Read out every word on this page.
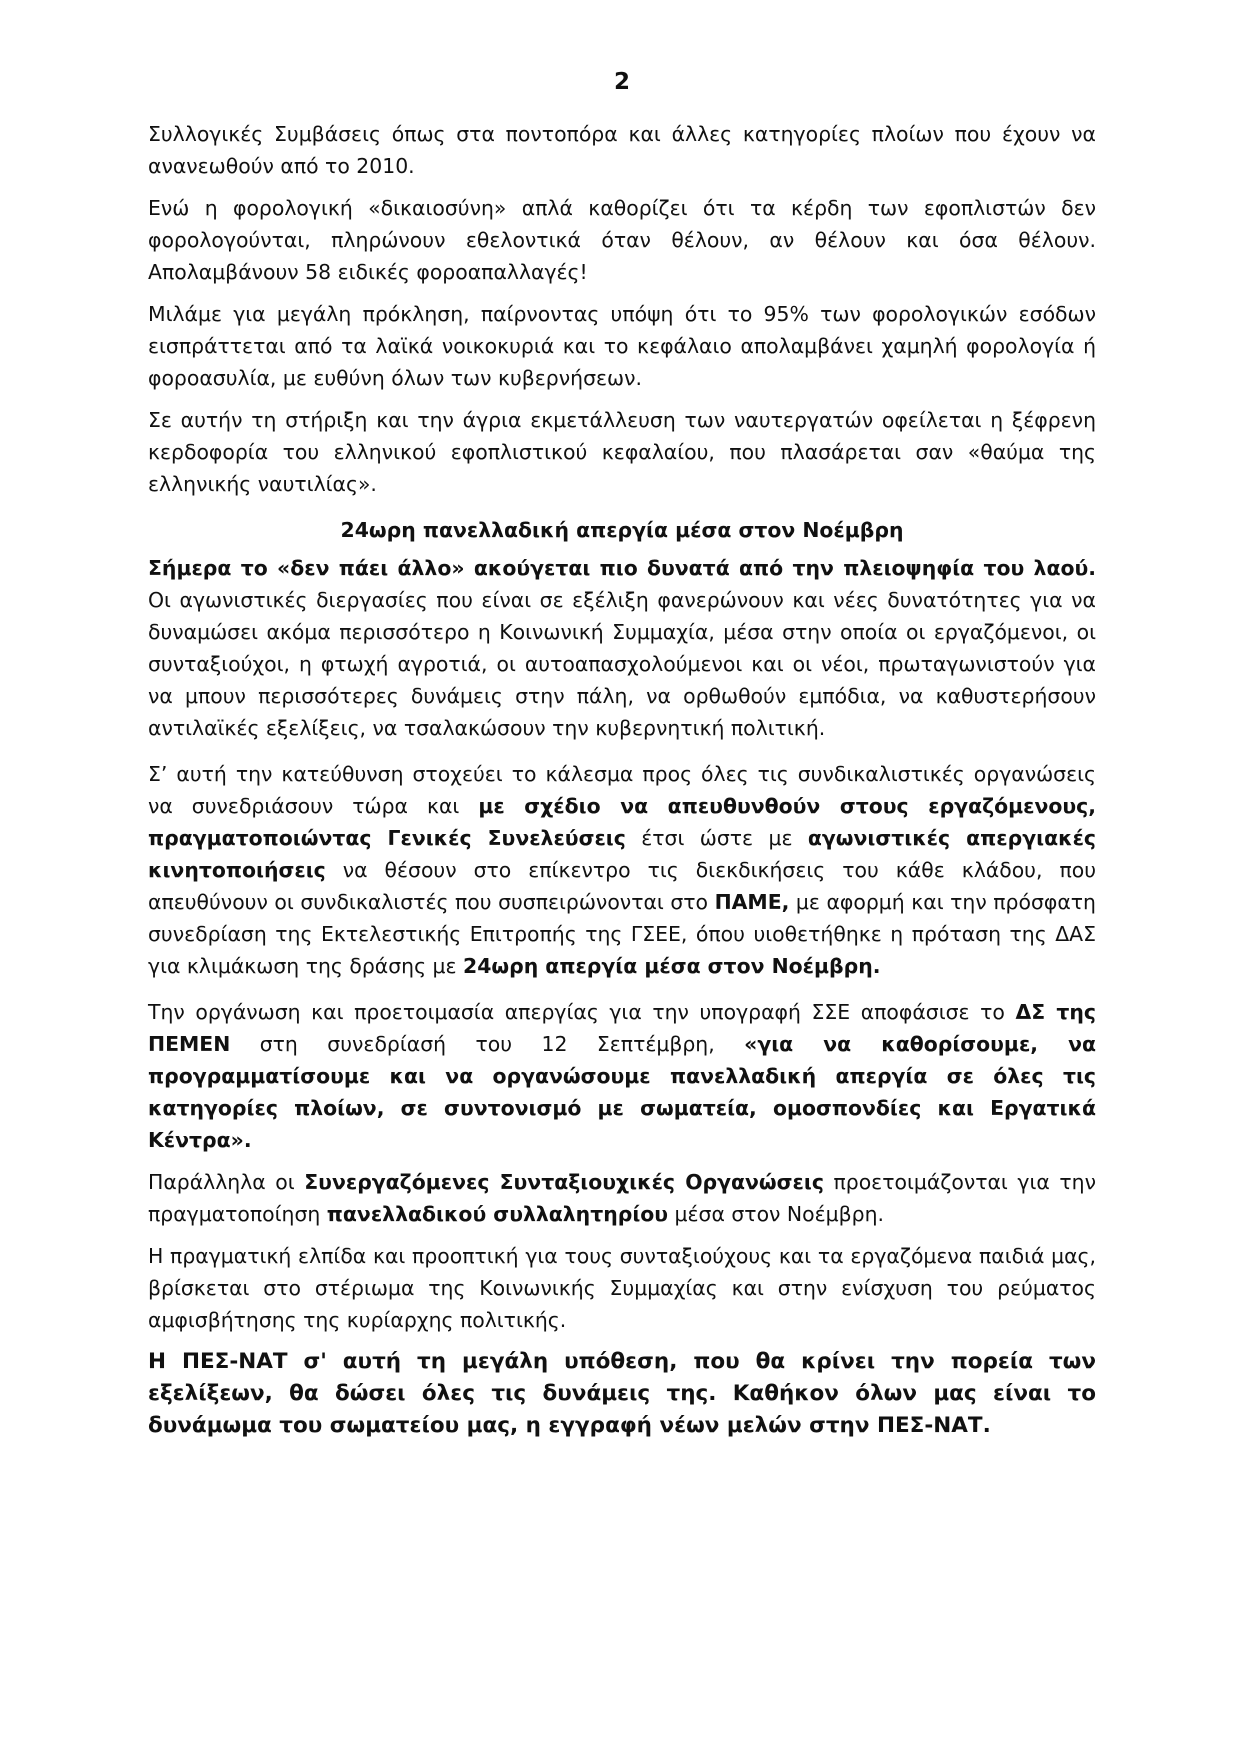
2

Συλλογικές Συμβάσεις όπως στα ποντοπόρα και άλλες κατηγορίες πλοίων που έχουν να ανανεωθούν από το 2010.

Ενώ η φορολογική «δικαιοσύνη» απλά καθορίζει ότι τα κέρδη των εφοπλιστών δεν φορολογούνται, πληρώνουν εθελοντικά όταν θέλουν, αν θέλουν και όσα θέλουν. Απολαμβάνουν 58 ειδικές φοροαπαλλαγές!

Μιλάμε για μεγάλη πρόκληση, παίρνοντας υπόψη ότι το 95% των φορολογικών εσόδων εισπράττεται από τα λαϊκά νοικοκυριά και το κεφάλαιο απολαμβάνει χαμηλή φορολογία ή φοροασυλία, με ευθύνη όλων των κυβερνήσεων.

Σε αυτήν τη στήριξη και την άγρια εκμετάλλευση των ναυτεργατών οφείλεται η ξέφρενη κερδοφορία του ελληνικού εφοπλιστικού κεφαλαίου, που πλασάρεται σαν «θαύμα της ελληνικής ναυτιλίας».

24ωρη πανελλαδική απεργία μέσα στον Νοέμβρη

Σήμερα το «δεν πάει άλλο» ακούγεται πιο δυνατά από την πλειοψηφία του λαού. Οι αγωνιστικές διεργασίες που είναι σε εξέλιξη φανερώνουν και νέες δυνατότητες για να δυναμώσει ακόμα περισσότερο η Κοινωνική Συμμαχία, μέσα στην οποία οι εργαζόμενοι, οι συνταξιούχοι, η φτωχή αγροτιά, οι αυτοαπασχολούμενοι και οι νέοι, πρωταγωνιστούν για να μπουν περισσότερες δυνάμεις στην πάλη, να ορθωθούν εμπόδια, να καθυστερήσουν αντιλαϊκές εξελίξεις, να τσαλακώσουν την κυβερνητική πολιτική.

Σ’ αυτή την κατεύθυνση στοχεύει το κάλεσμα προς όλες τις συνδικαλιστικές οργανώσεις να συνεδριάσουν τώρα και με σχέδιο να απευθυνθούν στους εργαζόμενους, πραγματοποιώντας Γενικές Συνελεύσεις έτσι ώστε με αγωνιστικές απεργιακές κινητοποιήσεις να θέσουν στο επίκεντρο τις διεκδικήσεις του κάθε κλάδου, που απευθύνουν οι συνδικαλιστές που συσπειρώνονται στο ΠΑΜΕ, με αφορμή και την πρόσφατη συνεδρίαση της Εκτελεστικής Επιτροπής της ΓΣΕΕ, όπου υιοθετήθηκε η πρόταση της ΔΑΣ για κλιμάκωση της δράσης με 24ωρη απεργία μέσα στον Νοέμβρη.

Την οργάνωση και προετοιμασία απεργίας για την υπογραφή ΣΣΕ αποφάσισε το ΔΣ της ΠΕΜΕΝ στη συνεδρίασή του 12 Σεπτέμβρη, «για να καθορίσουμε, να προγραμματίσουμε και να οργανώσουμε πανελλαδική απεργία σε όλες τις κατηγορίες πλοίων, σε συντονισμό με σωματεία, ομοσπονδίες και Εργατικά Κέντρα».

Παράλληλα οι Συνεργαζόμενες Συνταξιουχικές Οργανώσεις προετοιμάζονται για την πραγματοποίηση πανελλαδικού συλλαλητηρίου μέσα στον Νοέμβρη.

Η πραγματική ελπίδα και προοπτική για τους συνταξιούχους και τα εργαζόμενα παιδιά μας, βρίσκεται στο στέριωμα της Κοινωνικής Συμμαχίας και στην ενίσχυση του ρεύματος αμφισβήτησης της κυρίαρχης πολιτικής.

Η ΠΕΣ-ΝΑΤ σ' αυτή τη μεγάλη υπόθεση, που θα κρίνει την πορεία των εξελίξεων, θα δώσει όλες τις δυνάμεις της. Καθήκον όλων μας είναι το δυνάμωμα του σωματείου μας, η εγγραφή νέων μελών στην ΠΕΣ-ΝΑΤ.
